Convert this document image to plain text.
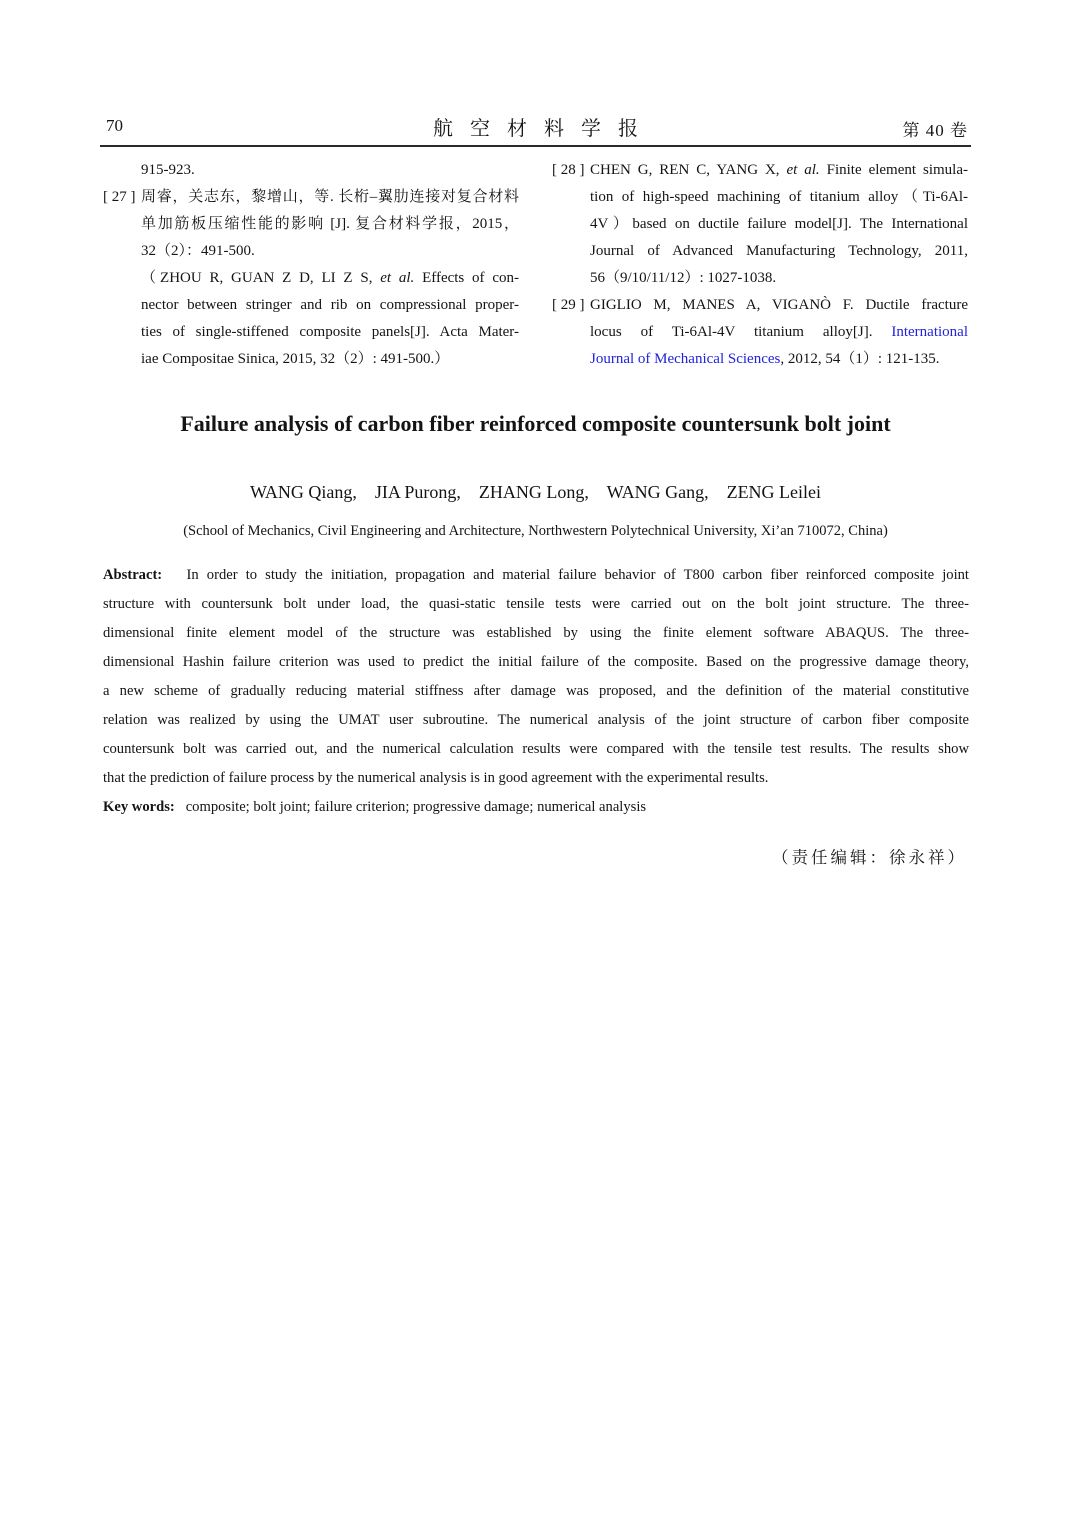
70	航空材料学报	第 40 卷
915-923.
[ 27 ] 周睿，关志东，黎增山，等. 长桁–翼肋连接对复合材料
单加筋板压缩性能的影响 [J]. 复合材料学报，2015，
32（2）：491-500.
（ZHOU R, GUAN Z D, LI Z S, et al. Effects of con-
nector between stringer and rib on compressional proper-
ties of single-stiffened composite panels[J]. Acta Mater-
iae Compositae Sinica, 2015, 32（2）: 491-500.）
[ 28 ] CHEN G, REN C, YANG X, et al. Finite element simula-
tion of high-speed machining of titanium alloy（Ti-6Al-
4V）based on ductile failure model[J]. The International
Journal of Advanced Manufacturing Technology, 2011,
56（9/10/11/12）: 1027-1038.
[ 29 ] GIGLIO M, MANES A, VIGANÒ F. Ductile fracture
locus of Ti-6Al-4V titanium alloy[J]. International
Journal of Mechanical Sciences, 2012, 54（1）: 121-135.
Failure analysis of carbon fiber reinforced composite countersunk bolt joint
WANG Qiang,    JIA Purong,    ZHANG Long,    WANG Gang,    ZENG Leilei
(School of Mechanics, Civil Engineering and Architecture, Northwestern Polytechnical University, Xi’an 710072, China)
Abstract:   In order to study the initiation, propagation and material failure behavior of T800 carbon fiber reinforced composite joint
structure with countersunk bolt under load, the quasi-static tensile tests were carried out on the bolt joint structure. The three-
dimensional finite element model of the structure was established by using the finite element software ABAQUS. The three-
dimensional Hashin failure criterion was used to predict the initial failure of the composite. Based on the progressive damage theory,
a new scheme of gradually reducing material stiffness after damage was proposed, and the definition of the material constitutive
relation was realized by using the UMAT user subroutine. The numerical analysis of the joint structure of carbon fiber composite
countersunk bolt was carried out, and the numerical calculation results were compared with the tensile test results. The results show
that the prediction of failure process by the numerical analysis is in good agreement with the experimental results.
Key words:   composite; bolt joint; failure criterion; progressive damage; numerical analysis
（责任编辑：徐永祥）
